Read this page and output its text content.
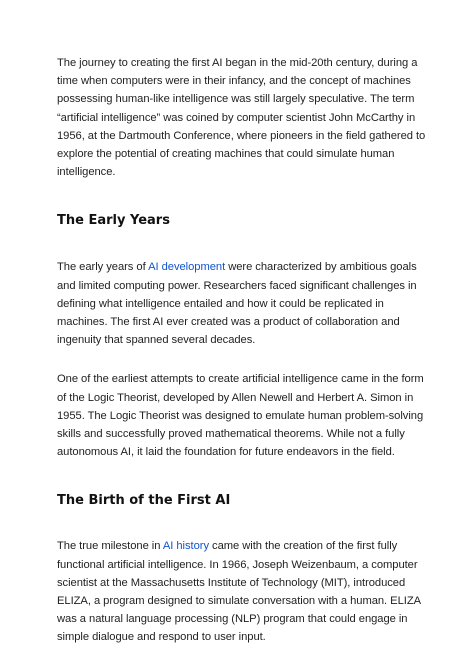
The journey to creating the first AI began in the mid-20th century, during a time when computers were in their infancy, and the concept of machines possessing human-like intelligence was still largely speculative. The term “artificial intelligence” was coined by computer scientist John McCarthy in 1956, at the Dartmouth Conference, where pioneers in the field gathered to explore the potential of creating machines that could simulate human intelligence.

The Early Years

The early years of AI development were characterized by ambitious goals and limited computing power. Researchers faced significant challenges in defining what intelligence entailed and how it could be replicated in machines. The first AI ever created was a product of collaboration and ingenuity that spanned several decades.

One of the earliest attempts to create artificial intelligence came in the form of the Logic Theorist, developed by Allen Newell and Herbert A. Simon in 1955. The Logic Theorist was designed to emulate human problem-solving skills and successfully proved mathematical theorems. While not a fully autonomous AI, it laid the foundation for future endeavors in the field.

The Birth of the First AI

The true milestone in AI history came with the creation of the first fully functional artificial intelligence. In 1966, Joseph Weizenbaum, a computer scientist at the Massachusetts Institute of Technology (MIT), introduced ELIZA, a program designed to simulate conversation with a human. ELIZA was a natural language processing (NLP) program that could engage in simple dialogue and respond to user input.
